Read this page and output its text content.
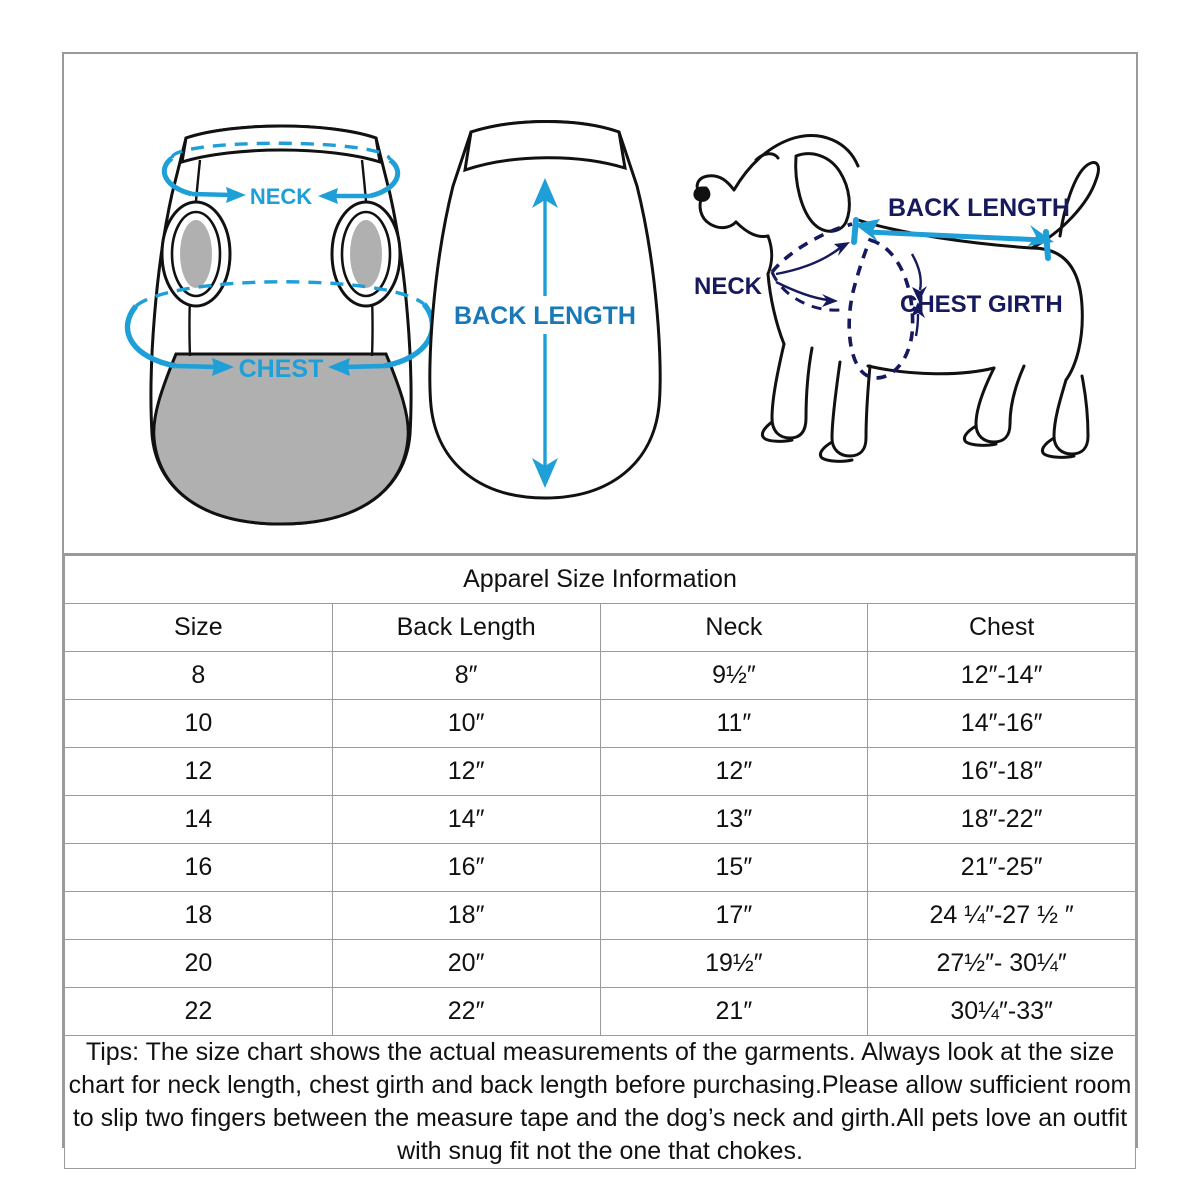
NECK
CHEST
BACK LENGTH
NECK
CHEST GIRTH
BACK LENGTH
Apparel Size Information			
Size	Back Length	Neck	Chest
8	8″	9½″	12″-14″
10	10″	11″	14″-16″
12	12″	12″	16″-18″
14	14″	13″	18″-22″
16	16″	15″	21″-25″
18	18″	17″	24 ¼″-27 ½ ″
20	20″	19½″	27½″- 30¼″
22	22″	21″	30¼″-33″
Tips: The size chart shows the actual measurements of the garments. Always look at the size chart for neck length, chest girth and back length before purchasing.Please allow sufficient room to slip two fingers between the measure tape and the dog’s neck and girth.All pets love an outfit with snug fit not the one that chokes.			
